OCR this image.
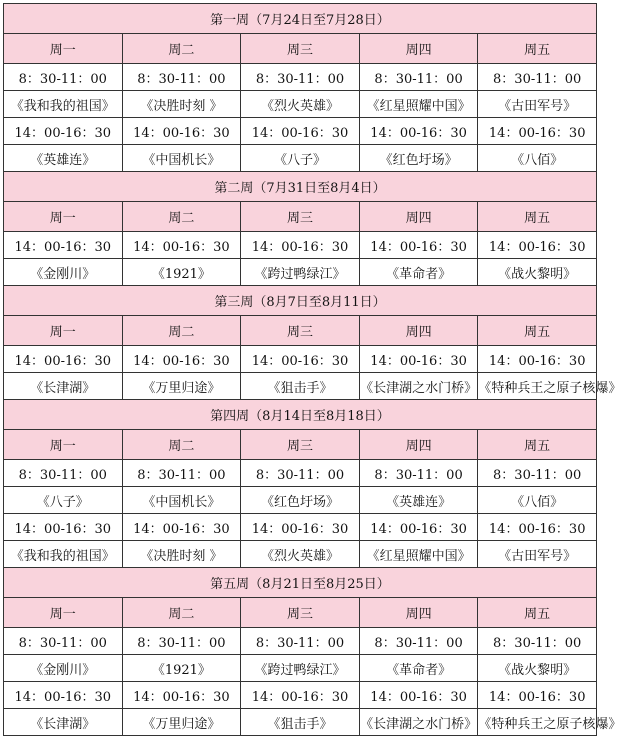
第一周（7月24日至7月28日）				
周一	周二	周三	周四	周五
8：30-11：00	8：30-11：00	8：30-11：00	8：30-11：00	8：30-11：00
《我和我的祖国》	《决胜时刻 》	《烈火英雄》	《红星照耀中国》	《古田军号》
14：00-16：30	14：00-16：30	14：00-16：30	14：00-16：30	14：00-16：30
《英雄连》	《中国机长》	《八子》	《红色圩场》	《八佰》
第二周（7月31日至8月4日）				
周一	周二	周三	周四	周五
14：00-16：30	14：00-16：30	14：00-16：30	14：00-16：30	14：00-16：30
《金刚川》	《1921》	《跨过鸭绿江》	《革命者》	《战火黎明》
第三周（8月7日至8月11日）				
周一	周二	周三	周四	周五
14：00-16：30	14：00-16：30	14：00-16：30	14：00-16：30	14：00-16：30
《长津湖》	《万里归途》	《狙击手》	《长津湖之水门桥》	《特种兵王之原子核爆》
第四周（8月14日至8月18日）				
周一	周二	周三	周四	周五
8：30-11：00	8：30-11：00	8：30-11：00	8：30-11：00	8：30-11：00
《八子》	《中国机长》	《红色圩场》	《英雄连》	《八佰》
14：00-16：30	14：00-16：30	14：00-16：30	14：00-16：30	14：00-16：30
《我和我的祖国》	《决胜时刻 》	《烈火英雄》	《红星照耀中国》	《古田军号》
第五周（8月21日至8月25日）				
周一	周二	周三	周四	周五
8：30-11：00	8：30-11：00	8：30-11：00	8：30-11：00	8：30-11：00
《金刚川》	《1921》	《跨过鸭绿江》	《革命者》	《战火黎明》
14：00-16：30	14：00-16：30	14：00-16：30	14：00-16：30	14：00-16：30
《长津湖》	《万里归途》	《狙击手》	《长津湖之水门桥》	《特种兵王之原子核爆》
